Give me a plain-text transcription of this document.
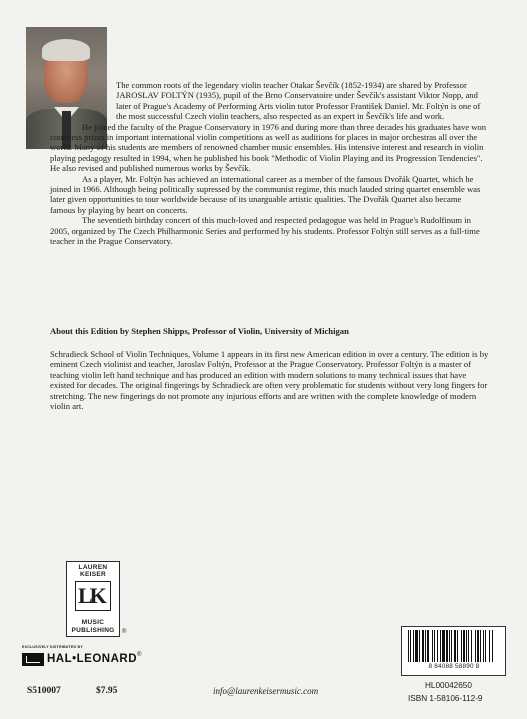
The common roots of the legendary violin teacher Otakar Ševčík (1852-1934) are shared by Professor JAROSLAV FOLTÝN (1935), pupil of the Brno Conservatoire under Ševčík's assistant Viktor Nopp, and later of Prague's Academy of Performing Arts violin tutor Professor František Daniel. Mr. Foltýn is one of the most successful Czech violin teachers, also respected as an expert in Ševčík's life and work.

He joined the faculty of the Prague Conservatory in 1976 and during more than three decades his graduates have won countless prizes in important international violin competitions as well as auditions for places in major orchestras all over the world. Many of his students are members of renowned chamber music ensembles. His intensive interest and research in violin playing pedagogy resulted in 1994, when he published his book "Methodic of Violin Playing and its Progression Tendencies". He also revised and published numerous works by Ševčík.

As a player, Mr. Foltýn has achieved an international career as a member of the famous Dvořák Quartet, which he joined in 1966. Although being politically supressed by the communist regime, this much lauded string quartet ensemble was later given opportunities to tour worldwide because of its unarguable artistic qualities. The Dvořák Quartet also became famous by playing by heart on concerts.

The seventieth birthday concert of this much-loved and respected pedagogue was held in Prague's Rudolfinum in 2005, organized by The Czech Philharmonic Series and performed by his students. Professor Foltýn still serves as a full-time teacher in the Prague Conservatory.

About this Edition by Stephen Shipps, Professor of Violin, University of Michigan

Schradieck School of Violin Techniques, Volume 1 appears in its first new American edition in over a century. The edition is by eminent Czech violinist and teacher, Jaroslav Foltýn, Professor at the Prague Conservatory. Professor Foltýn is a master of teaching violin left hand technique and has produced an edition with modern solutions to many technical issues that have existed for decades. The original fingerings by Schradieck are often very problematic for students without very long fingers for stretching. The new fingerings do not promote any injurious efforts and are written with the complete knowledge of modern violin art.

LAUREN KEISER
LK
MUSIC
PUBLISHING	®
EXCLUSIVELY DISTRIBUTED BY
HAL•LEONARD ®
8 84088 58890 8
S510007	$7.95	info@laurenkeisermusic.com
HL00042650
ISBN 1-58106-112-9
